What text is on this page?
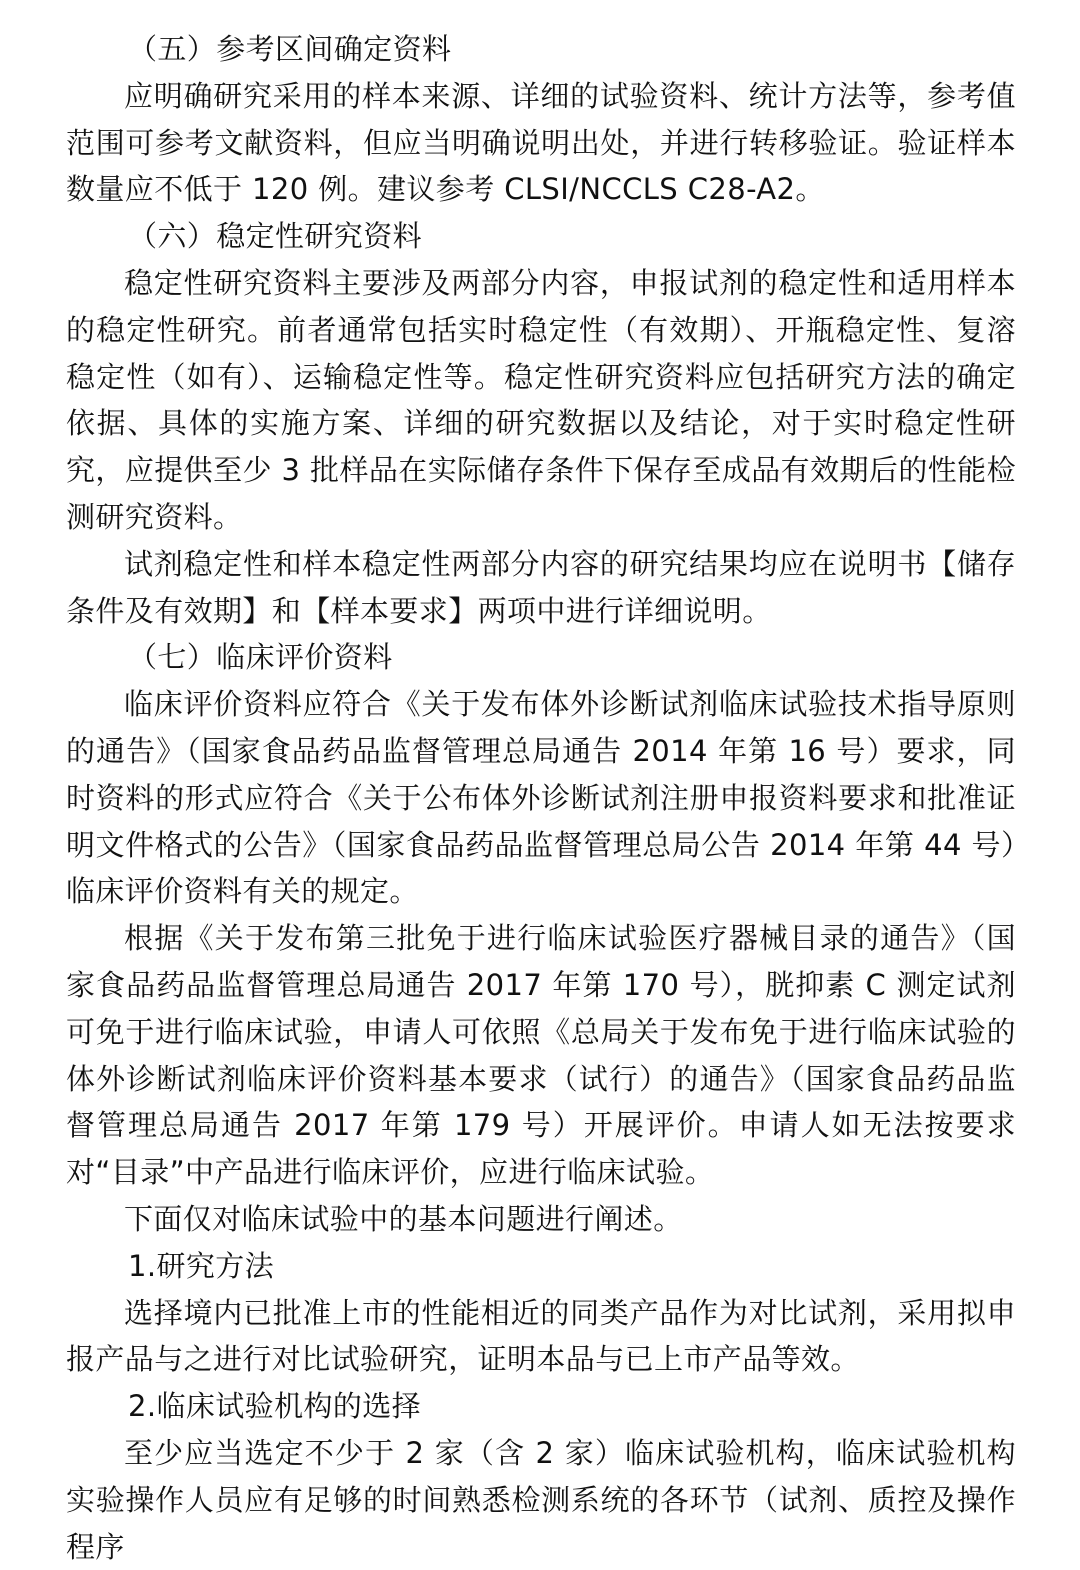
（五）参考区间确定资料

应明确研究采用的样本来源、详细的试验资料、统计方法等，参考值范围可参考文献资料，但应当明确说明出处，并进行转移验证。验证样本数量应不低于 120 例。建议参考 CLSI/NCCLS C28-A2。

（六）稳定性研究资料

稳定性研究资料主要涉及两部分内容，申报试剂的稳定性和适用样本的稳定性研究。前者通常包括实时稳定性（有效期）、开瓶稳定性、复溶稳定性（如有）、运输稳定性等。稳定性研究资料应包括研究方法的确定依据、具体的实施方案、详细的研究数据以及结论，对于实时稳定性研究，应提供至少 3 批样品在实际储存条件下保存至成品有效期后的性能检测研究资料。

试剂稳定性和样本稳定性两部分内容的研究结果均应在说明书【储存条件及有效期】和【样本要求】两项中进行详细说明。

（七）临床评价资料

临床评价资料应符合《关于发布体外诊断试剂临床试验技术指导原则的通告》（国家食品药品监督管理总局通告 2014 年第 16 号）要求，同时资料的形式应符合《关于公布体外诊断试剂注册申报资料要求和批准证明文件格式的公告》（国家食品药品监督管理总局公告 2014 年第 44 号）临床评价资料有关的规定。

根据《关于发布第三批免于进行临床试验医疗器械目录的通告》（国家食品药品监督管理总局通告 2017 年第 170 号），胱抑素 C 测定试剂可免于进行临床试验，申请人可依照《总局关于发布免于进行临床试验的体外诊断试剂临床评价资料基本要求（试行）的通告》（国家食品药品监督管理总局通告 2017 年第 179 号）开展评价。申请人如无法按要求对“目录”中产品进行临床评价，应进行临床试验。

下面仅对临床试验中的基本问题进行阐述。

1.研究方法

选择境内已批准上市的性能相近的同类产品作为对比试剂，采用拟申报产品与之进行对比试验研究，证明本品与已上市产品等效。

2.临床试验机构的选择

至少应当选定不少于 2 家（含 2 家）临床试验机构，临床试验机构实验操作人员应有足够的时间熟悉检测系统的各环节（试剂、质控及操作程序
